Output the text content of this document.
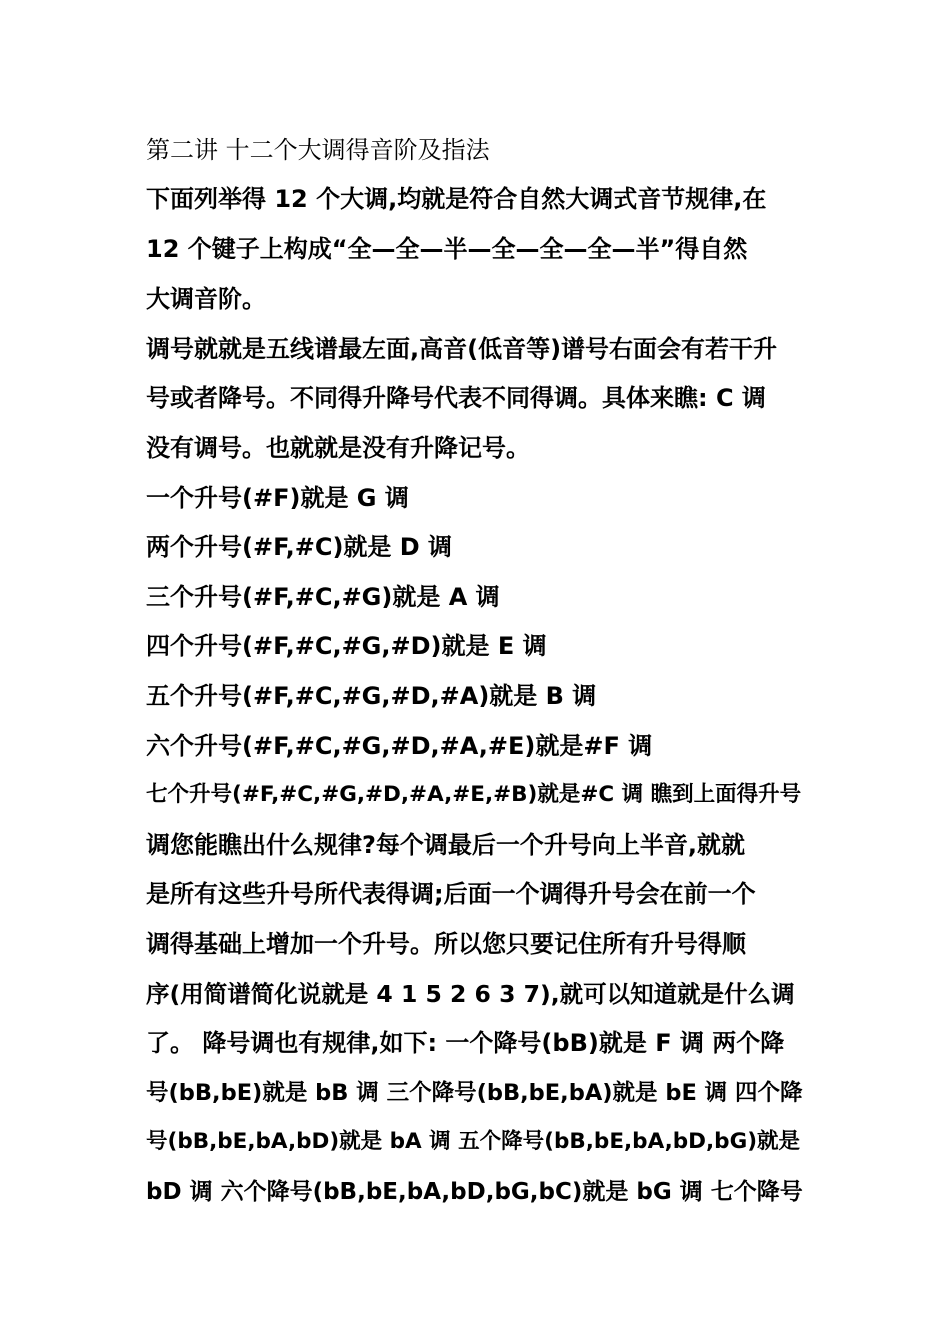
第二讲 十二个大调得音阶及指法
下面列举得 12 个大调,均就是符合自然大调式音节规律,在
12 个键子上构成“全—全—半—全—全—全—半”得自然
大调音阶。
调号就就是五线谱最左面,高音(低音等)谱号右面会有若干升
号或者降号。不同得升降号代表不同得调。具体来瞧: C 调
没有调号。也就就是没有升降记号。
一个升号(#F)就是 G 调
两个升号(#F,#C)就是 D 调
三个升号(#F,#C,#G)就是 A 调
四个升号(#F,#C,#G,#D)就是 E 调
五个升号(#F,#C,#G,#D,#A)就是 B 调
六个升号(#F,#C,#G,#D,#A,#E)就是#F 调
七个升号(#F,#C,#G,#D,#A,#E,#B)就是#C 调 瞧到上面得升号
调您能瞧出什么规律?每个调最后一个升号向上半音,就就
是所有这些升号所代表得调;后面一个调得升号会在前一个
调得基础上增加一个升号。所以您只要记住所有升号得顺
序(用简谱简化说就是 4 1 5 2 6 3 7),就可以知道就是什么调
了。 降号调也有规律,如下: 一个降号(bB)就是 F 调 两个降
号(bB,bE)就是 bB 调 三个降号(bB,bE,bA)就是 bE 调 四个降
号(bB,bE,bA,bD)就是 bA 调 五个降号(bB,bE,bA,bD,bG)就是
bD 调 六个降号(bB,bE,bA,bD,bG,bC)就是 bG 调 七个降号
